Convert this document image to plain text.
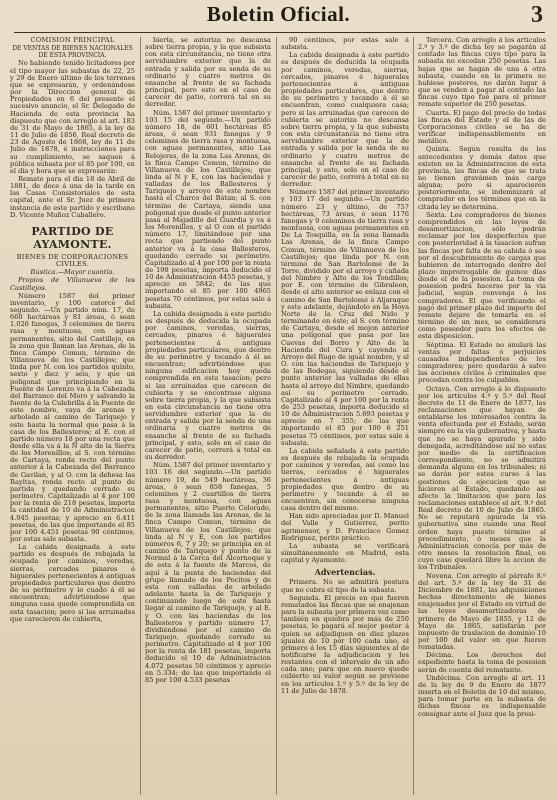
Boletin Oficial.	3

COMISION PRINCIPAL

DE VENTAS DE BIENES NACIONALES DE ESTA PROVINCIA.

No habiendo tenido licitadores por el tipo mayor las subastas de 22, 25 y 29 de Enero último de los terrenos que se expresarán, y ordenándose por la Direccion general de Propiedades en 6 del presente el sucesivo anuncio, el Sr. Delegado de Hacienda de esta provincia ha dispuesto que con arreglo al art. 183 de 31 de Mayo de 1865, á la ley de 11 de Julio de 1856, Real decreto de 23 de Agosto de 1868, ley de 11 de Julio de 1878, é instrucciones para su cumplimiento, se saquen á pública subasta por el 85 por 100, en el día y hora que se expresarán:

Remate para el dia 18 de Abril de 1881, de doce á una de la tarde en las Casas Consistoriales de esta capital, ante el Sr. Juez de primera instancia de este partido y escribano D. Vicente Muñoz Caballero.

PARTIDO DE AYAMONTE.

BIENES DE CORPORACIONES CIVILES.

Rústica.—Mayor cuantía.

Propios de Villanueva de los Castillejos.

Número 1587 del primer inventario, y 100 catorce del segundo. —Un partido núm. 17, de 660 hectáreas y 81 áreas, ó sean 1.026 fanegas, 3 celemines de tierra rasa y montuosa, con aguas permanentes, sitio del Castillejo, en la zona que llaman las Arenas, de la finca Campo Comun, término de Villanueva de los Castillejos; que linda por N. con los partidos quinto, sexto y diez y seis, y que un poligonal que principiando en la Fuente de Lorenzo va á la Cabezada del Barranco del Moro y salvando la fuente de la Culebrilla á la Fuente de este nombre, vaya de arenas y arbolado al camino de Tariquejo y este hasta la normal que pasa á la casa de los Ballesteros; al E. con el partido número 18 por una recta que desde ella va á la Ñ alto de la Sierra de los Moreníllos; al S. con término de Cartaya, ronda recto del punto anterior á la Cabezada del Barranco de Gavilan, y al O. con la dehesa las Rayitas, ronda recto al punto de partida y quedando cerrado su perímetro. Capitalizado al 4 por 100 por la renta de 218 pesetas, importa la cantidad de 10 de Administracion 4.945 pesetas; y aprecio en 6.411 pesetas, de las que importando el 85 por 100 4.451 pesetas 90 céntimos, por estas sale subasta.

La cabida designada á este partido es después de rebajada la ocupada por caminos, veredas, sierras, cercados pinares é higuerales pertenecientes á antiguas propiedades particulares que dentro de su perímetro y lo cuado á él se encuentran; advirtiéndose que ninguna casa quede comprendida en esta tasacion; pero si las arruinadas que carecieron de cubierta,

bierta, se autoriza no descansa sobre tierra propia, y la que subsista con esta circunstancia, no tiene otra servidumbre exterior que la de entrada y salida por su senda de su ordinario y cuatro metros de ensanche al frente de su fachada principal, pero esto en el caso de carecer de patio, correrá tal en su derredor.

Núm. 1587 del primer inventario y 103 15 del segundo.—Un partido número 18, de 601 hectáreas 85 áreas, ó sean 931 fanegas y 9 celemines de tierra rasa y montuosa, con aguas permanentes, sitio Las Relojeras, de la zona Las Arenas, de la finca Campo Comun, término de Villanueva de los Castillejos; que linda al N y E, con las haciendas y valladas de los Ballesteros y Tariquejo y arroyo de este nombre hasta el Charco del Bátan; al S. con término de Cartaya, siendo una poligonal que desde el punto anterior pasa al Majadillo del Guardia y va á los Moreníllos, y al O con el partido número 17, limitándose por una recta que partiendo del punto anterior va á la casa Ballesteros, quedando cerrado su perímetro. Capitalizado al 4 por 100 por la renta de 198 pesetas, importa deducido el 10 de Administracion 4455 pesetas, y aprecio en 5842; de las que importando el 85 por 100 4965 pesetas 70 céntimos, por estas sale á subasta.

La cabida designada á este partido es después de deducida la ocupada por caminos, veredas, sierras, cercados, pinares é higuerales pertenecientes á antiguas propiedades particulares, que dentro de su perímetro y tocando á él se encuentran; advirtiéndose que ninguna edificacion hoy queda comprendida en esta tasacion; pero si las arruinadas que carecen de cubierta y se encontrase alguna sobre tierra propia, y la que subsista en esta circunstancia no tiene otra servidumbre exterior que la de entrada y salida por la senda de una ordinaria y cuatro metros de ensanche al frente de su fachada principal, y esto, solo en el caso de carecer de patio, correrá á total en su derredor.

Núm. 1587 del primer inventario y 103 16 del segundo.—Un partido número 19, de 549 hectáreas, 36 áreas, ó sean 858 fanegas, 5 celemines y 2 cuartillos de tierra rasa y montuosa, con aguas permanentes, sitio Puerto Colorado, de la zona llamada las Arenas, de la finca Campo Comun, término de Villanueva de los Castillejos; que linda al N y E, con los partidos números 6, 7 y 20; se principia en el camino de Tariquejo y punto de la Normal á la Cerca del Alcornoque y de esta á la fuente de Marcos, de aquí á la punta de haciendas del grupo llamado de los Pocitos y de esta con valladas de arbolado adelante hasta la de Tariquejo y continuando luego de este hasta llegar al camino de Tariquejo, y al E. y O. con las haciendas de los Ballesteros y partido número 17, dividiéndose por el camino de Tariquejo, quedando cerrado su perímetro. Capitalizado al 4 por 100 por la renta de 181 pesetas, importa deducido el 10 de Administracion 4.072 pesetas 50 céntimos y aprecio en 5.334; de las que importando el 85 por 100 4.533 pesetas

90 céntimos, por estas sale á subasta.

La cabida designada á este partido es después de deducida la ocupada por caminos, veredas, sierras, cercados, pinares é higuerales pertenecientes á antiguas propiedades particulares, que dentro de su perímetro y tocando á él se encuentran, como cualquiera casa; pero si las arruinadas que carecen de cubierta se autoriza no descansa sobre tierra propia, y la que subsista con esta circunstancia no tiene otra servidumbre exterior que la de entrada y salida por la senda de su ordinario y cuatro metros de ensanche al frente de su fachada principal, y esto, solo en el caso de carecer de patio, correrá á total en su derredor.

Número 1587 del primer inventario y 103 17 del segundo.—Un partido número 23 y último, de 757 hectáreas, 73 áreas, ó sean 1176 fanegas y 9 celemines de tierra rasa y montuosa, con aguas permanentes en De La Tosquilla, en la zona llamada Las Arenas, de la finca Campo Comun, término de Villanueva de los Castillejos; que linda por N. con término de San Bartolomé de la Torre, dividido por el arroyo y cañada del Nimbre y Alto de los Tondillos; por E. con término de Gibraleon, desde el alto anterior se enlaza con el camino de San Bartolomé á Aljaraque y este adelante, dejándolo en la Hoya Norte de la Cruz del Nido y terminando en éste; al S. con término de Cartaya, desde el mojon anterior una poligonal que pasa por las Cuevas del Borro y Alto de la Hacienda del Cura y cayendo al Arroyo del Rugo de igual nombre, y al O. con las haciendas de Tariquejo y de las Bodegas, siguiendo desde el punto anterior las valladas de ellas hasta el arroyo del Nimbre, quedando así su perímetro cerrado. Capitalizado al 4 por 100 por la renta de 253 pesetas, importa deducido el 10 de Administracion 5.693 pesetas y aprecio en 7 355; de las que importando el 85 por 100 6 251 pesetas 75 céntimos, por estas sale á subasta.

La cabida señalada á este partido es después de rebajada la ocupada por caminos y veredas, así como las tierras, cercados é higuerales pertenecientes á antiguas propiedades que dentro de su perímetro y tocando á él se encuentran, sin conocerse ninguna casa dentro del mismo.

Han sido apreciadas por D. Manuel del Valle y Gutierrez, perito agrimensor, y D. Francisco Gomez Rodriguez, perito práctico.

La subasta se verificará simultáneamente en Madrid, esta capital y Ayamonte.

Advertencias.

Primera. No se admitirá postura que no cubra el tipo de la subasta.

Segunda. El precio en que fueren rematados las fincas que se enajenan para la subasta por primera vez como también en quiebra por más de 250 pesetas, lo pagará el mejor postor á quien se adjudiquen en diez plazos iguales de 10 por 100 cada uno, el primero á los 15 días siguientes al de notificarse la adjudicacion y los restantes con el intervalo de un año cada uno; para que en nuevo quede cubierto su valor según se previene en los artículos 1.º y 5.º de la ley de 11 de Julio de 1878.

Tercera. Con arreglo á los artículos 2.º y 3.º de dicha ley se pagarán al contado las fincas cuyo tipo para la subasta no excedan 250 pesetas. Las bajas que se hagan de una á otra subasta, cuando en la primera no hubiese postores, no darán lugar á que se venden á pagar al contado las fincas cuyo tipo fué para el primer remate superior de 250 pesetas.

Cuarta. El pago del precio de todas las fincas del Estado y el de las de Corporaciones civiles se ha de verificar indispensablemente en metálico.

Quinta. Según resulta de los antecedentes y demás datos que existen en la Administracion de esta provincia, las fincas de que se trata no tienen gravámen más carga alguna; pero si aparecieren posteriormente, se indemnizará al comprador en los términos que en la citada ley se determina.

Sexta. Los compradores de bienes comprendidos en las leyes de desamortizacion, sólo podrán reclamar por los desperfectos que con posterioridad á la tasacion sufran las fincas por falta de su cabida ó sea por el descubrimiento de cargas que hubieren de interrogado dentro del plazo improrrogable de quince días desde el de la posesion. La toma de posesion podrá hacerse por la via judicial, según convenga á los compradores. El que verificando el pago del primer plazo del importe del remate dejare de tomarla en el término de un mes, se considerará como poseedor para los efectos de esta disposicion.

Séptima. El Estado no anulará las ventas por faltas ó perjuicios causados independientes de los compradores; pero quedarán á salvo las acciones civiles ó criminales que procedan contra los culpables.

Octava. Con arreglo á lo dispuesto por los artículos 4.º y 5.º del Real decreto de 11 de Enero de 1877, las reclamaciones que hayan de entablarse los interesados contra la venta efectuada por el Estado, serán siempre en la vía gubernativa, y hasta que no se haya apurado y sido denegada, acreditándose así no estas por medio de la certificacion correspondiente, no se admitirá demanda alguna en los tribunales; ni se darán por estos curso á las gestiones de ejecucion que se hicieren al Estado, quedando así afecto la limitacion que para las reclamaciones establece el art. 9.º del Real decreto de 10 de Julio de 1865. No se reputará apurada la vía gubernativa sino cuando una Real órden haya puesto término al procedimiento, ó meses que la Administracion conocía por más de otro meses la resolucion final, en cuyo caso quedará libre la accion de los Tribunales.

Novena. Con arreglo al párrafo 8.º del art. 5.º de la ley de 31 de Diciembre de 1881, las adquisiciones hechas directamente de bienes enajenados por el Estado en virtud de las leyes desamortizadoras de primero de Mayo de 1855, y 12 de Mayo de 1865, satisfarán por impuesto de traslacion de dominio 10 por 100 del valor en que fueren rematadas.

Décima. Los derechos del expediente hasta la toma de posesion serán de cuenta del rematante.

Undécima. Con arreglo al art. 11 de la ley de 9 de Enero de 1877 inserta en el Boletin de 10 del mismo, para tomar parte en la subasta de dichas fincas es indispensable consignar ante el Juez que la presi-
